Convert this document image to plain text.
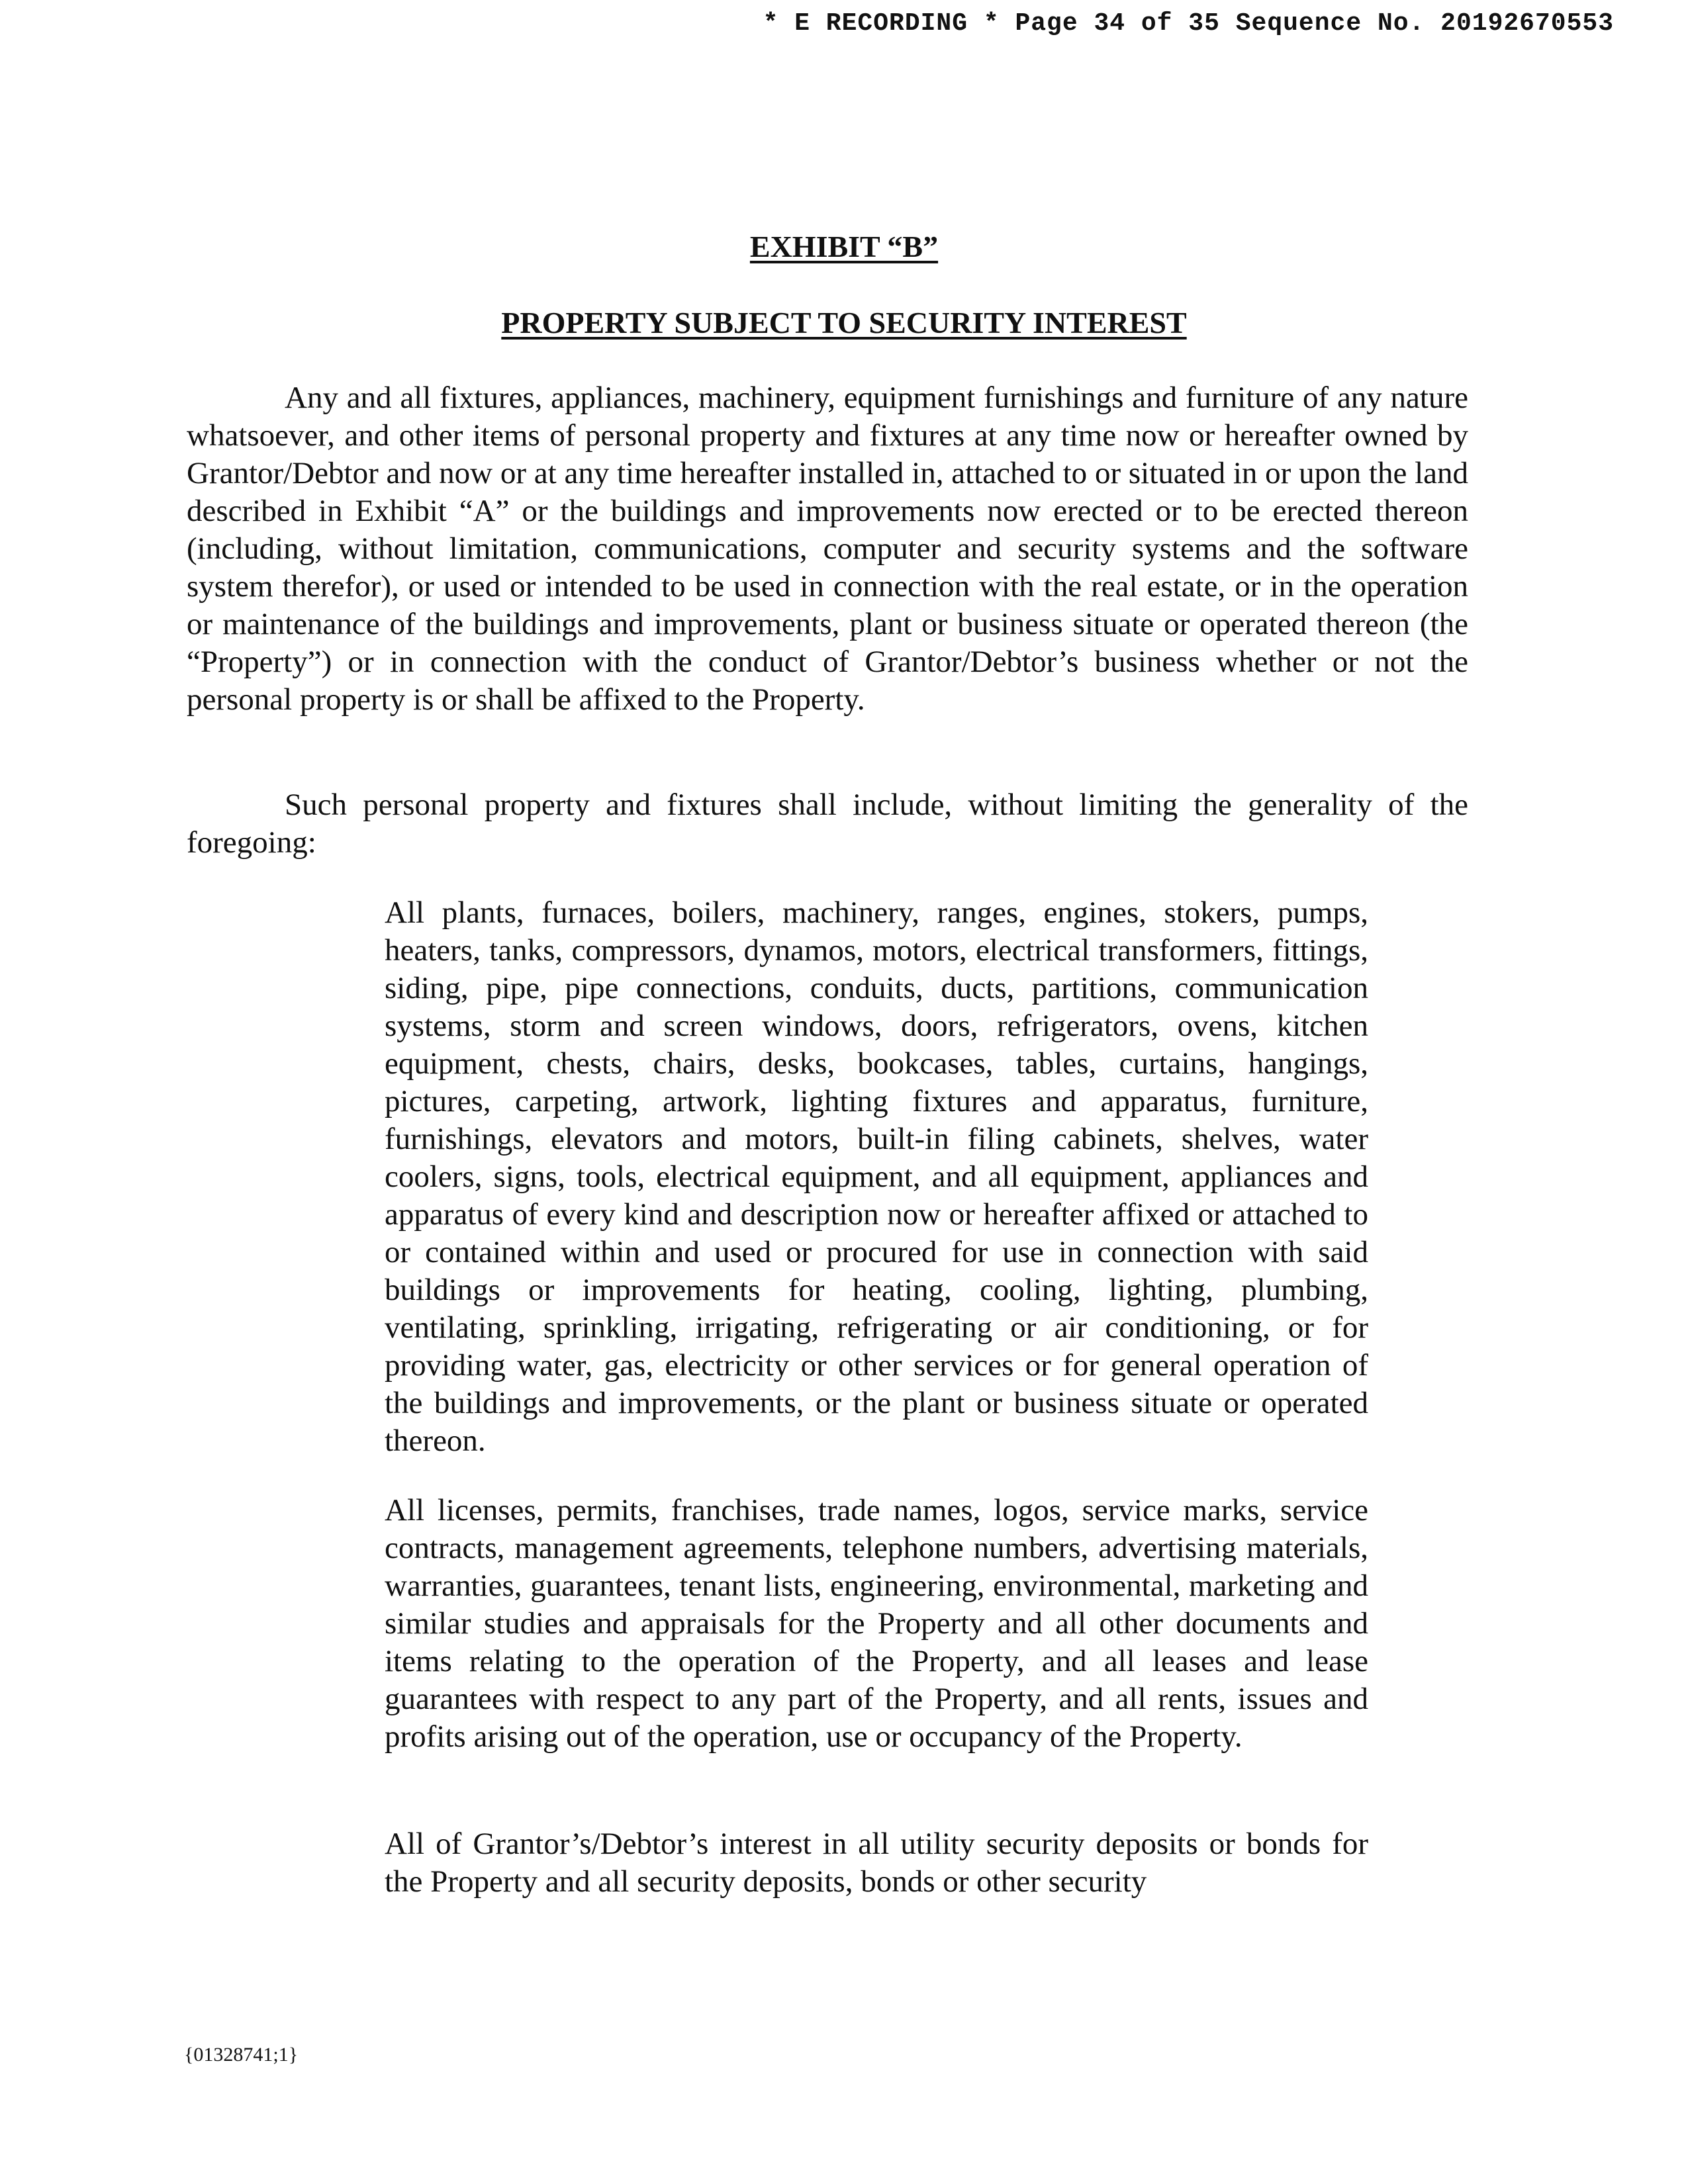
* E RECORDING * Page 34 of 35 Sequence No. 20192670553
EXHIBIT “B”
PROPERTY SUBJECT TO SECURITY INTEREST

Any and all fixtures, appliances, machinery, equipment furnishings and furniture of any nature whatsoever, and other items of personal property and fixtures at any time now or hereafter owned by Grantor/Debtor and now or at any time hereafter installed in, attached to or situated in or upon the land described in Exhibit “A” or the buildings and improvements now erected or to be erected thereon (including, without limitation, communications, computer and security systems and the software system therefor), or used or intended to be used in connection with the real estate, or in the operation or maintenance of the buildings and improvements, plant or business situate or operated thereon (the “Property”) or in connection with the conduct of Grantor/Debtor’s business whether or not the personal property is or shall be affixed to the Property.

Such personal property and fixtures shall include, without limiting the generality of the foregoing:

All plants, furnaces, boilers, machinery, ranges, engines, stokers, pumps, heaters, tanks, compressors, dynamos, motors, electrical transformers, fittings, siding, pipe, pipe connections, conduits, ducts, partitions, communication systems, storm and screen windows, doors, refrigerators, ovens, kitchen equipment, chests, chairs, desks, bookcases, tables, curtains, hangings, pictures, carpeting, artwork, lighting fixtures and apparatus, furniture, furnishings, elevators and motors, built-in filing cabinets, shelves, water coolers, signs, tools, electrical equipment, and all equipment, appliances and apparatus of every kind and description now or hereafter affixed or attached to or contained within and used or procured for use in connection with said buildings or improvements for heating, cooling, lighting, plumbing, ventilating, sprinkling, irrigating, refrigerating or air conditioning, or for providing water, gas, electricity or other services or for general operation of the buildings and improvements, or the plant or business situate or operated thereon.

All licenses, permits, franchises, trade names, logos, service marks, service contracts, management agreements, telephone numbers, advertising materials, warranties, guarantees, tenant lists, engineering, environmental, marketing and similar studies and appraisals for the Property and all other documents and items relating to the operation of the Property, and all leases and lease guarantees with respect to any part of the Property, and all rents, issues and profits arising out of the operation, use or occupancy of the Property.

All of Grantor’s/Debtor’s interest in all utility security deposits or bonds for the Property and all security deposits, bonds or other security

{01328741;1}
